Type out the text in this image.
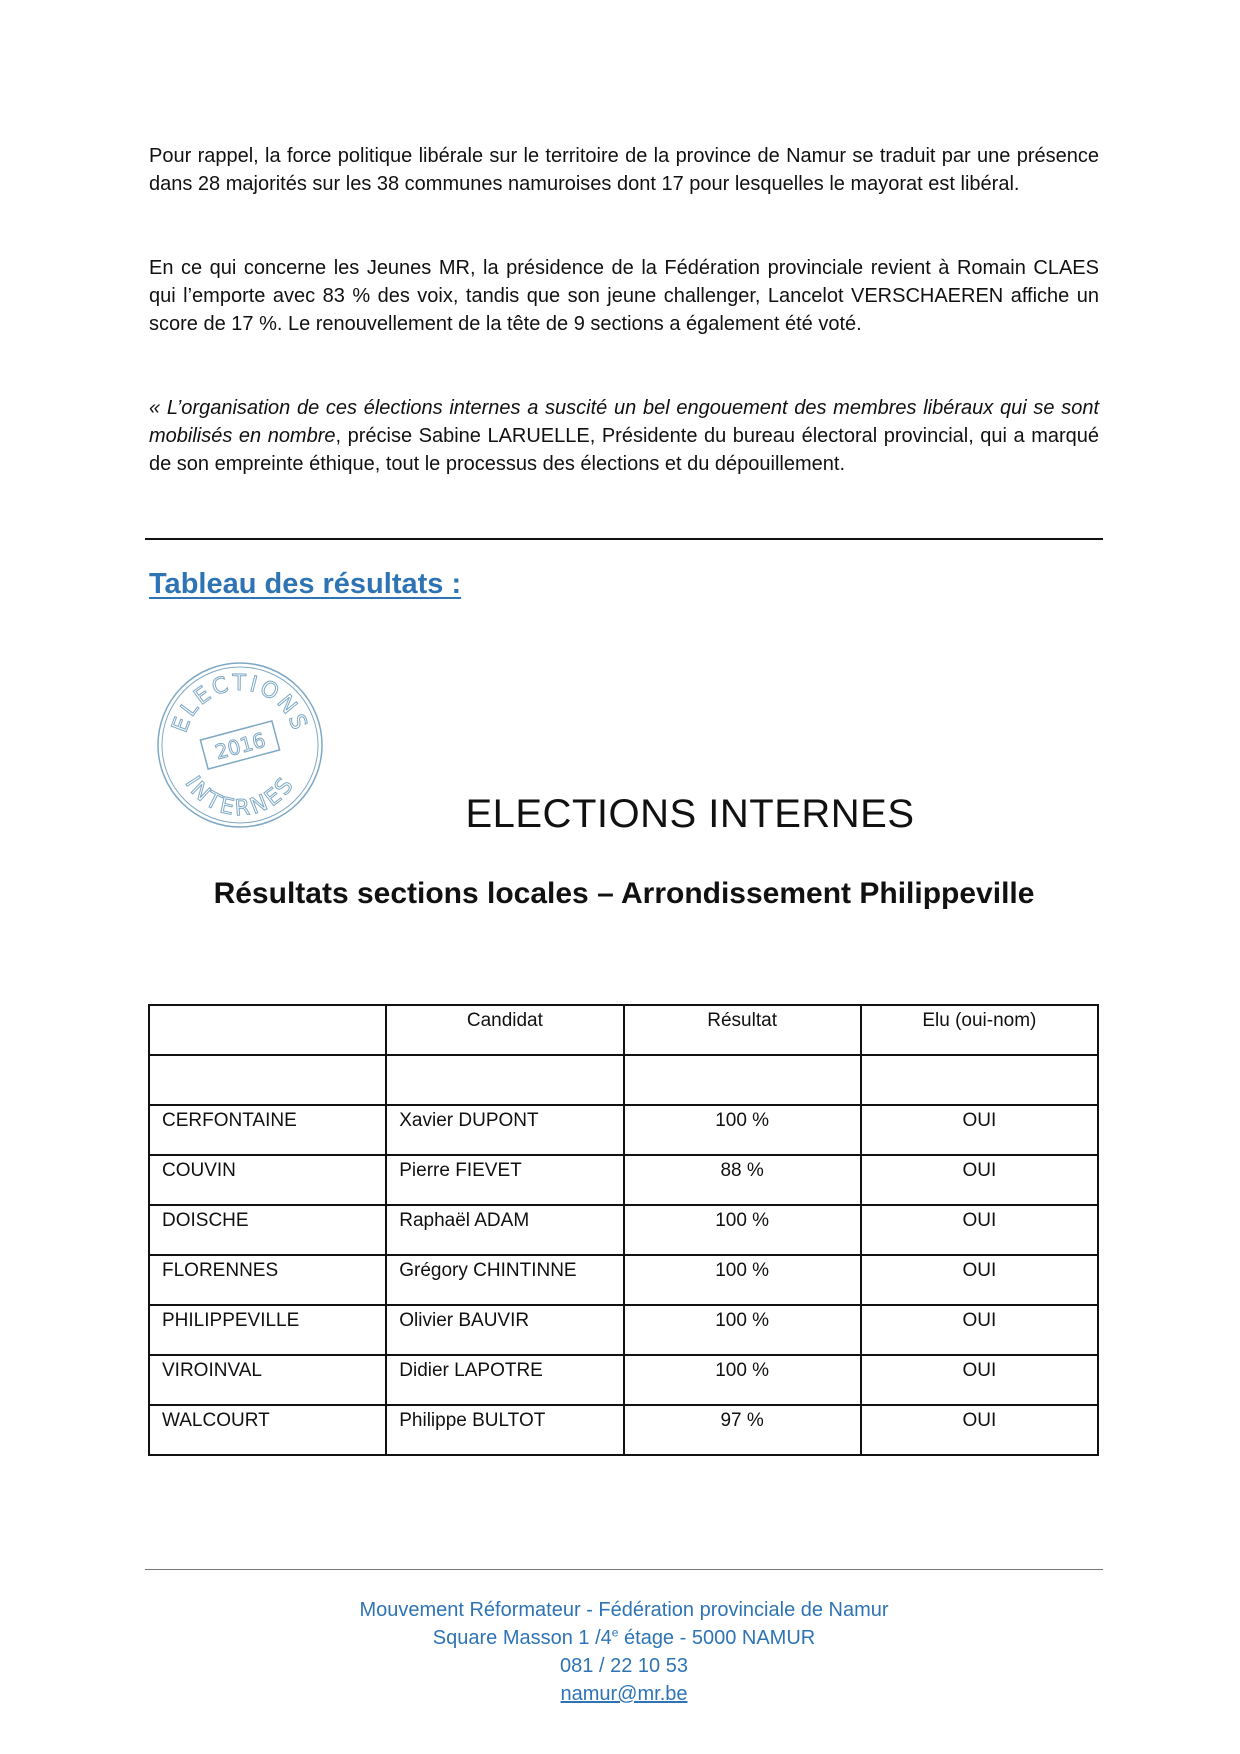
Pour rappel, la force politique libérale sur le territoire de la province de Namur se traduit par une présence dans 28 majorités sur les 38 communes namuroises dont 17 pour lesquelles le mayorat est libéral.

En ce qui concerne les Jeunes MR, la présidence de la Fédération provinciale revient à Romain CLAES qui l’emporte avec 83 % des voix, tandis que son jeune challenger, Lancelot VERSCHAEREN affiche un score de 17 %. Le renouvellement de la tête de 9 sections a également été voté.

« L’organisation de ces élections internes a suscité un bel engouement des membres libéraux qui se sont mobilisés en nombre, précise Sabine LARUELLE, Présidente du bureau électoral provincial, qui a marqué de son empreinte éthique, tout le processus des élections et du dépouillement.

Tableau des résultats :
ELECTIONS
INTERNES
2016
ELECTIONS INTERNES
Résultats sections locales – Arrondissement Philippeville
	Candidat	Résultat	Elu (oui-nom)

CERFONTAINE	Xavier DUPONT	100 %	OUI
COUVIN	Pierre FIEVET	88 %	OUI
DOISCHE	Raphaël ADAM	100 %	OUI
FLORENNES	Grégory CHINTINNE	100 %	OUI
PHILIPPEVILLE	Olivier BAUVIR	100 %	OUI
VIROINVAL	Didier LAPOTRE	100 %	OUI
WALCOURT	Philippe BULTOT	97 %	OUI
Mouvement Réformateur - Fédération provinciale de Namur
Square Masson 1 /4e étage - 5000 NAMUR
081 / 22 10 53
namur@mr.be
